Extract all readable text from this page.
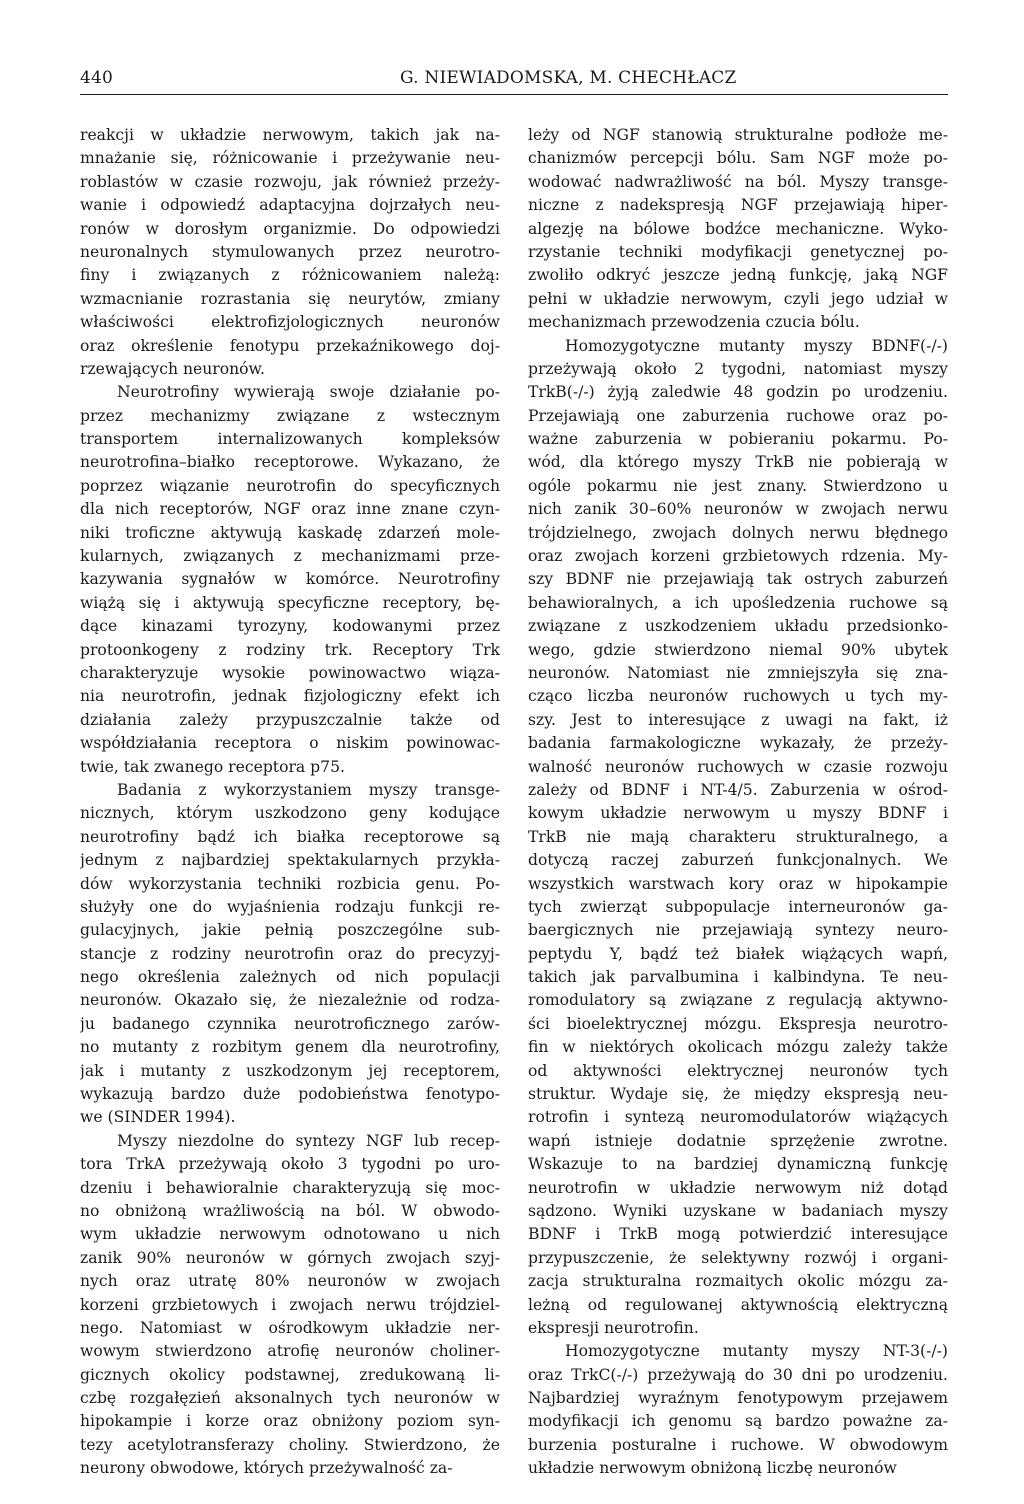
440	G. NIEWIADOMSKA, M. CHECHŁACZ
reakcji w układzie nerwowym, takich jak na-
mnażanie się, różnicowanie i przeżywanie neu-
roblastów w czasie rozwoju, jak również przeży-
wanie i odpowiedź adaptacyjna dojrzałych neu-
ronów w dorosłym organizmie. Do odpowiedzi
neuronalnych stymulowanych przez neurotro-
finy i związanych z różnicowaniem należą:
wzmacnianie rozrastania się neurytów, zmiany
właściwości elektrofizjologicznych neuronów
oraz określenie fenotypu przekaźnikowego doj-
rzewających neuronów.
Neurotrofiny wywierają swoje działanie po-
przez mechanizmy związane z wstecznym
transportem internalizowanych kompleksów
neurotrofina–białko receptorowe. Wykazano, że
poprzez wiązanie neurotrofin do specyficznych
dla nich receptorów, NGF oraz inne znane czyn-
niki troficzne aktywują kaskadę zdarzeń mole-
kularnych, związanych z mechanizmami prze-
kazywania sygnałów w komórce. Neurotrofiny
wiążą się i aktywują specyficzne receptory, bę-
dące kinazami tyrozyny, kodowanymi przez
protoonkogeny z rodziny trk. Receptory Trk
charakteryzuje wysokie powinowactwo wiąza-
nia neurotrofin, jednak fizjologiczny efekt ich
działania zależy przypuszczalnie także od
współdziałania receptora o niskim powinowac-
twie, tak zwanego receptora p75.
Badania z wykorzystaniem myszy transge-
nicznych, którym uszkodzono geny kodujące
neurotrofiny bądź ich białka receptorowe są
jednym z najbardziej spektakularnych przykła-
dów wykorzystania techniki rozbicia genu. Po-
służyły one do wyjaśnienia rodzaju funkcji re-
gulacyjnych, jakie pełnią poszczególne sub-
stancje z rodziny neurotrofin oraz do precyzyj-
nego określenia zależnych od nich populacji
neuronów. Okazało się, że niezależnie od rodza-
ju badanego czynnika neurotroficznego zarów-
no mutanty z rozbitym genem dla neurotrofiny,
jak i mutanty z uszkodzonym jej receptorem,
wykazują bardzo duże podobieństwa fenotypo-
we (SINDER 1994).
Myszy niezdolne do syntezy NGF lub recep-
tora TrkA przeżywają około 3 tygodni po uro-
dzeniu i behawioralnie charakteryzują się moc-
no obniżoną wrażliwością na ból. W obwodo-
wym układzie nerwowym odnotowano u nich
zanik 90% neuronów w górnych zwojach szyj-
nych oraz utratę 80% neuronów w zwojach
korzeni grzbietowych i zwojach nerwu trójdziel-
nego. Natomiast w ośrodkowym układzie ner-
wowym stwierdzono atrofię neuronów choliner-
gicznych okolicy podstawnej, zredukowaną li-
czbę rozgałęzień aksonalnych tych neuronów w
hipokampie i korze oraz obniżony poziom syn-
tezy acetylotransferazy choliny. Stwierdzono, że
neurony obwodowe, których przeżywalność za-
leży od NGF stanowią strukturalne podłoże me-
chanizmów percepcji bólu. Sam NGF może po-
wodować nadwrażliwość na ból. Myszy transge-
niczne z nadekspresją NGF przejawiają hiper-
algezję na bólowe bodźce mechaniczne. Wyko-
rzystanie techniki modyfikacji genetycznej po-
zwoliło odkryć jeszcze jedną funkcję, jaką NGF
pełni w układzie nerwowym, czyli jego udział w
mechanizmach przewodzenia czucia bólu.
Homozygotyczne mutanty myszy BDNF(-/-)
przeżywają około 2 tygodni, natomiast myszy
TrkB(-/-) żyją zaledwie 48 godzin po urodzeniu.
Przejawiają one zaburzenia ruchowe oraz po-
ważne zaburzenia w pobieraniu pokarmu. Po-
wód, dla którego myszy TrkB nie pobierają w
ogóle pokarmu nie jest znany. Stwierdzono u
nich zanik 30–60% neuronów w zwojach nerwu
trójdzielnego, zwojach dolnych nerwu błędnego
oraz zwojach korzeni grzbietowych rdzenia. My-
szy BDNF nie przejawiają tak ostrych zaburzeń
behawioralnych, a ich upośledzenia ruchowe są
związane z uszkodzeniem układu przedsionko-
wego, gdzie stwierdzono niemal 90% ubytek
neuronów. Natomiast nie zmniejszyła się zna-
cząco liczba neuronów ruchowych u tych my-
szy. Jest to interesujące z uwagi na fakt, iż
badania farmakologiczne wykazały, że przeży-
walność neuronów ruchowych w czasie rozwoju
zależy od BDNF i NT-4/5. Zaburzenia w ośrod-
kowym układzie nerwowym u myszy BDNF i
TrkB nie mają charakteru strukturalnego, a
dotyczą raczej zaburzeń funkcjonalnych. We
wszystkich warstwach kory oraz w hipokampie
tych zwierząt subpopulacje interneuronów ga-
baergicznych nie przejawiają syntezy neuro-
peptydu Y, bądź też białek wiążących wapń,
takich jak parvalbumina i kalbindyna. Te neu-
romodulatory są związane z regulacją aktywno-
ści bioelektrycznej mózgu. Ekspresja neurotro-
fin w niektórych okolicach mózgu zależy także
od aktywności elektrycznej neuronów tych
struktur. Wydaje się, że między ekspresją neu-
rotrofin i syntezą neuromodulatorów wiążących
wapń istnieje dodatnie sprzężenie zwrotne.
Wskazuje to na bardziej dynamiczną funkcję
neurotrofin w układzie nerwowym niż dotąd
sądzono. Wyniki uzyskane w badaniach myszy
BDNF i TrkB mogą potwierdzić interesujące
przypuszczenie, że selektywny rozwój i organi-
zacja strukturalna rozmaitych okolic mózgu za-
leżną od regulowanej aktywnością elektryczną
ekspresji neurotrofin.
Homozygotyczne mutanty myszy NT-3(-/-)
oraz TrkC(-/-) przeżywają do 30 dni po urodzeniu.
Najbardziej wyraźnym fenotypowym przejawem
modyfikacji ich genomu są bardzo poważne za-
burzenia posturalne i ruchowe. W obwodowym
układzie nerwowym obniżoną liczbę neuronów
